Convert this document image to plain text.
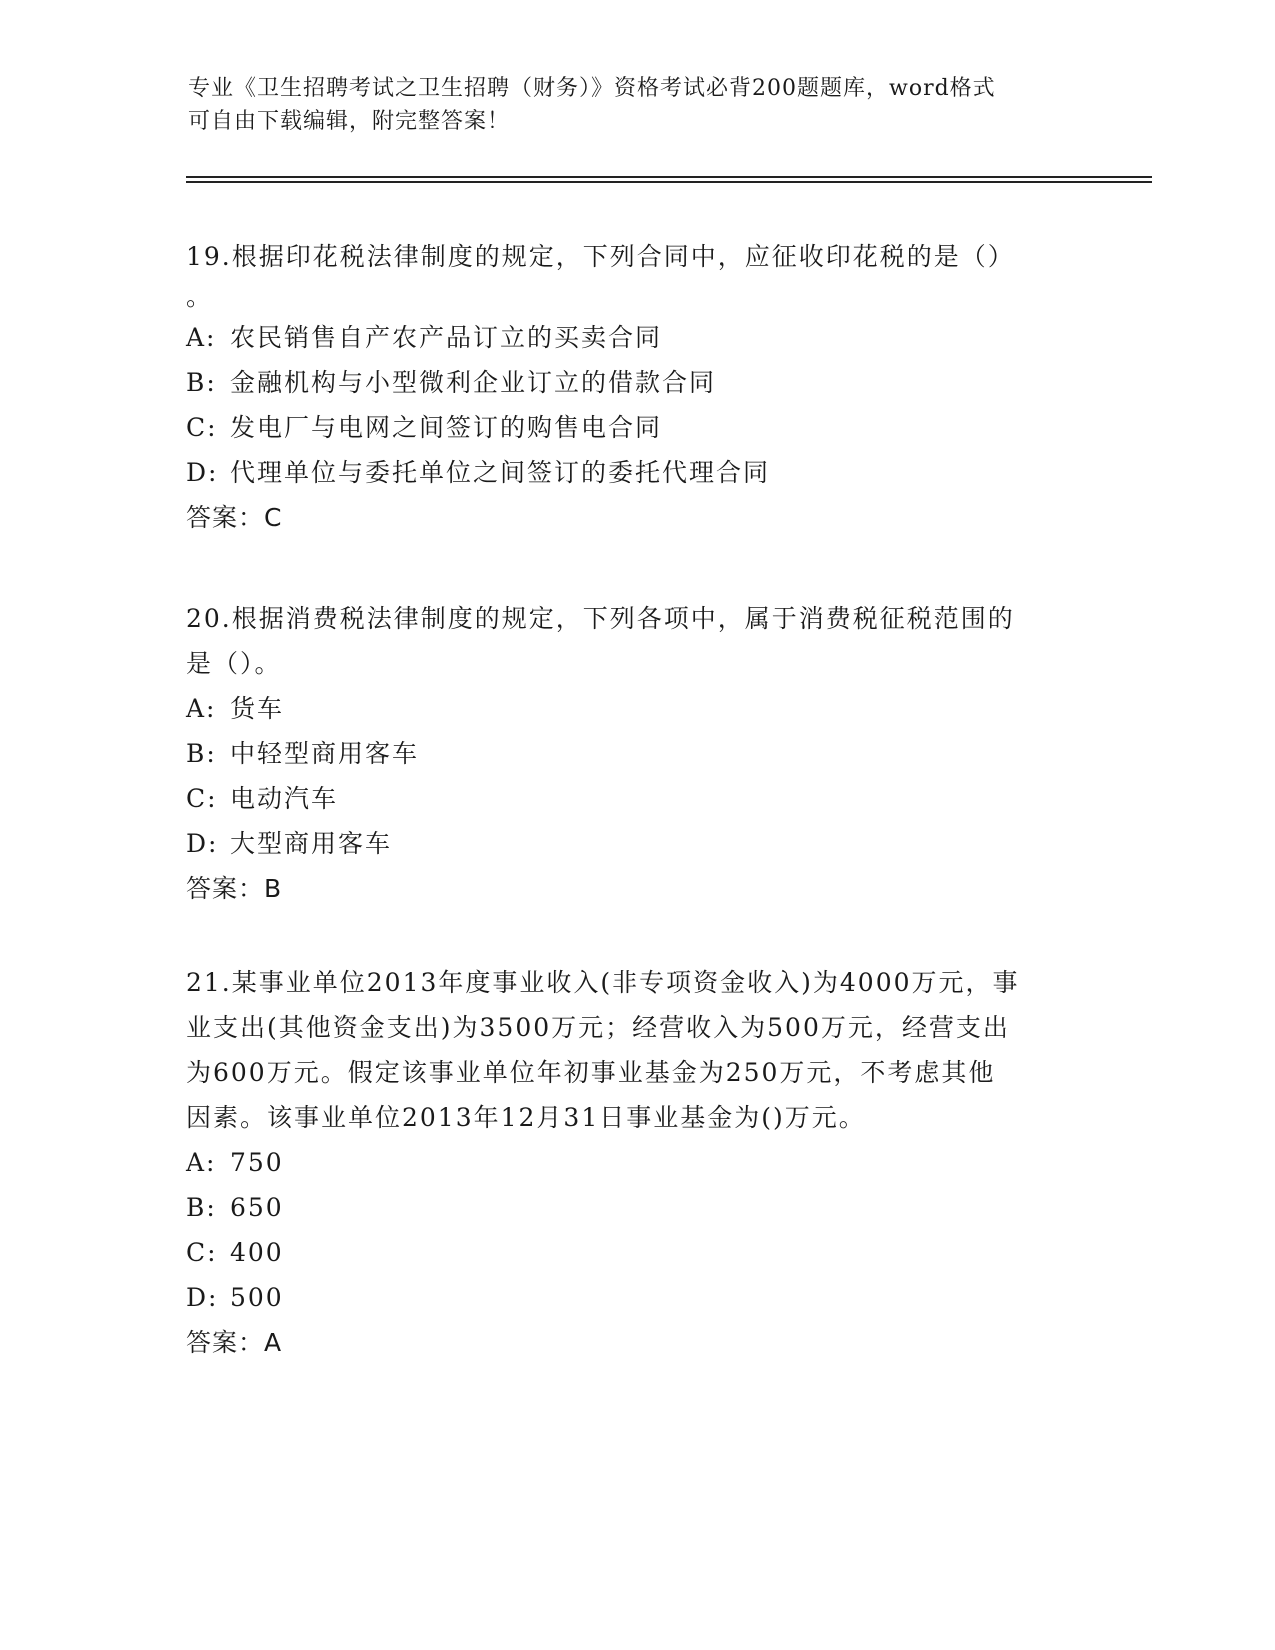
专业《卫生招聘考试之卫生招聘（财务）》资格考试必背200题题库，word格式
可自由下载编辑，附完整答案！

19.根据印花税法律制度的规定，下列合同中，应征收印花税的是（）

。

A: 农民销售自产农产品订立的买卖合同

B: 金融机构与小型微利企业订立的借款合同

C: 发电厂与电网之间签订的购售电合同

D: 代理单位与委托单位之间签订的委托代理合同

答案：C

20.根据消费税法律制度的规定，下列各项中，属于消费税征税范围的

是（）。

A: 货车

B: 中轻型商用客车

C: 电动汽车

D: 大型商用客车

答案：B

21.某事业单位2013年度事业收入(非专项资金收入)为4000万元，事

业支出(其他资金支出)为3500万元；经营收入为500万元，经营支出

为600万元。假定该事业单位年初事业基金为250万元，不考虑其他

因素。该事业单位2013年12月31日事业基金为()万元。

A: 750

B: 650

C: 400

D: 500

答案：A
